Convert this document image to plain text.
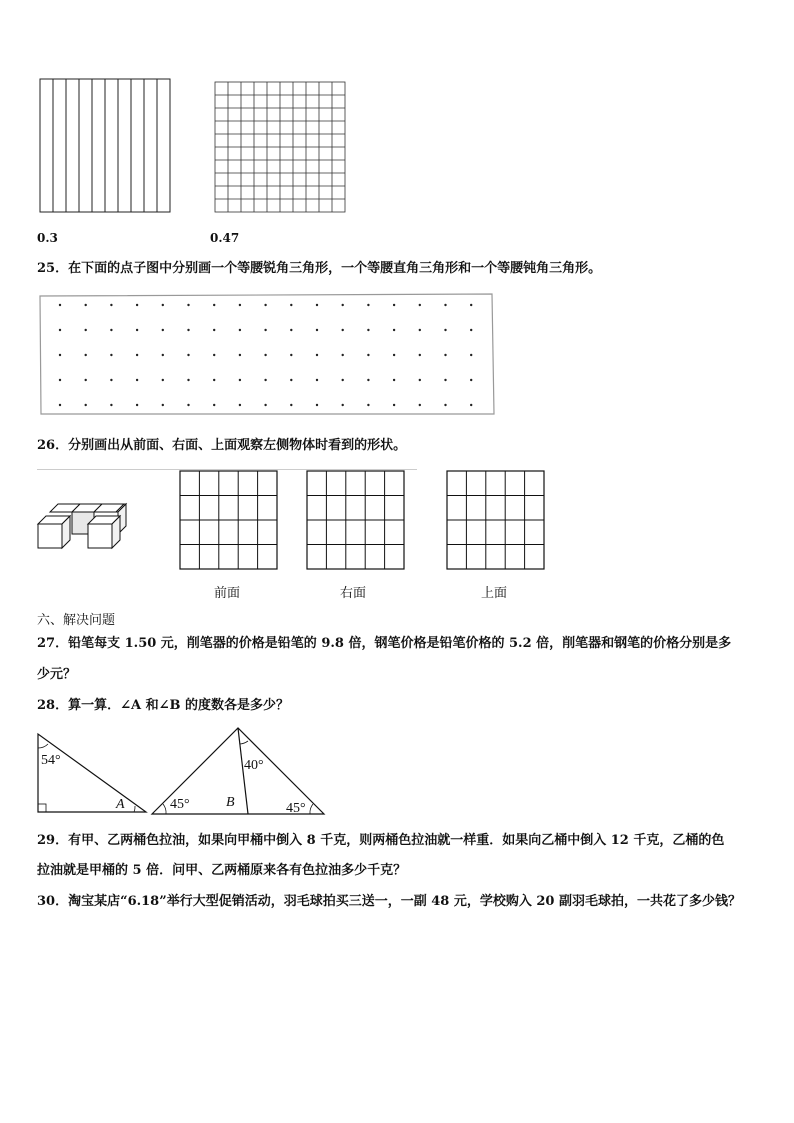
0.3	0.47
25．在下面的点子图中分别画一个等腰锐角三角形，一个等腰直角三角形和一个等腰钝角三角形。
26．分别画出从前面、右面、上面观察左侧物体时看到的形状。
前面	右面	上面
六、解决问题
27．铅笔每支 1.50 元，削笔器的价格是铅笔的 9.8 倍，钢笔价格是铅笔价格的 5.2 倍，削笔器和钢笔的价格分别是多
少元？
28．算一算．∠A 和∠B 的度数各是多少？
54°
A
40°
45°	B	45°
29．有甲、乙两桶色拉油，如果向甲桶中倒入 8 千克，则两桶色拉油就一样重．如果向乙桶中倒入 12 千克，乙桶的色
拉油就是甲桶的 5 倍．问甲、乙两桶原来各有色拉油多少千克？
30．淘宝某店“6.18”举行大型促销活动，羽毛球拍买三送一，一副 48 元，学校购入 20 副羽毛球拍，一共花了多少钱？
